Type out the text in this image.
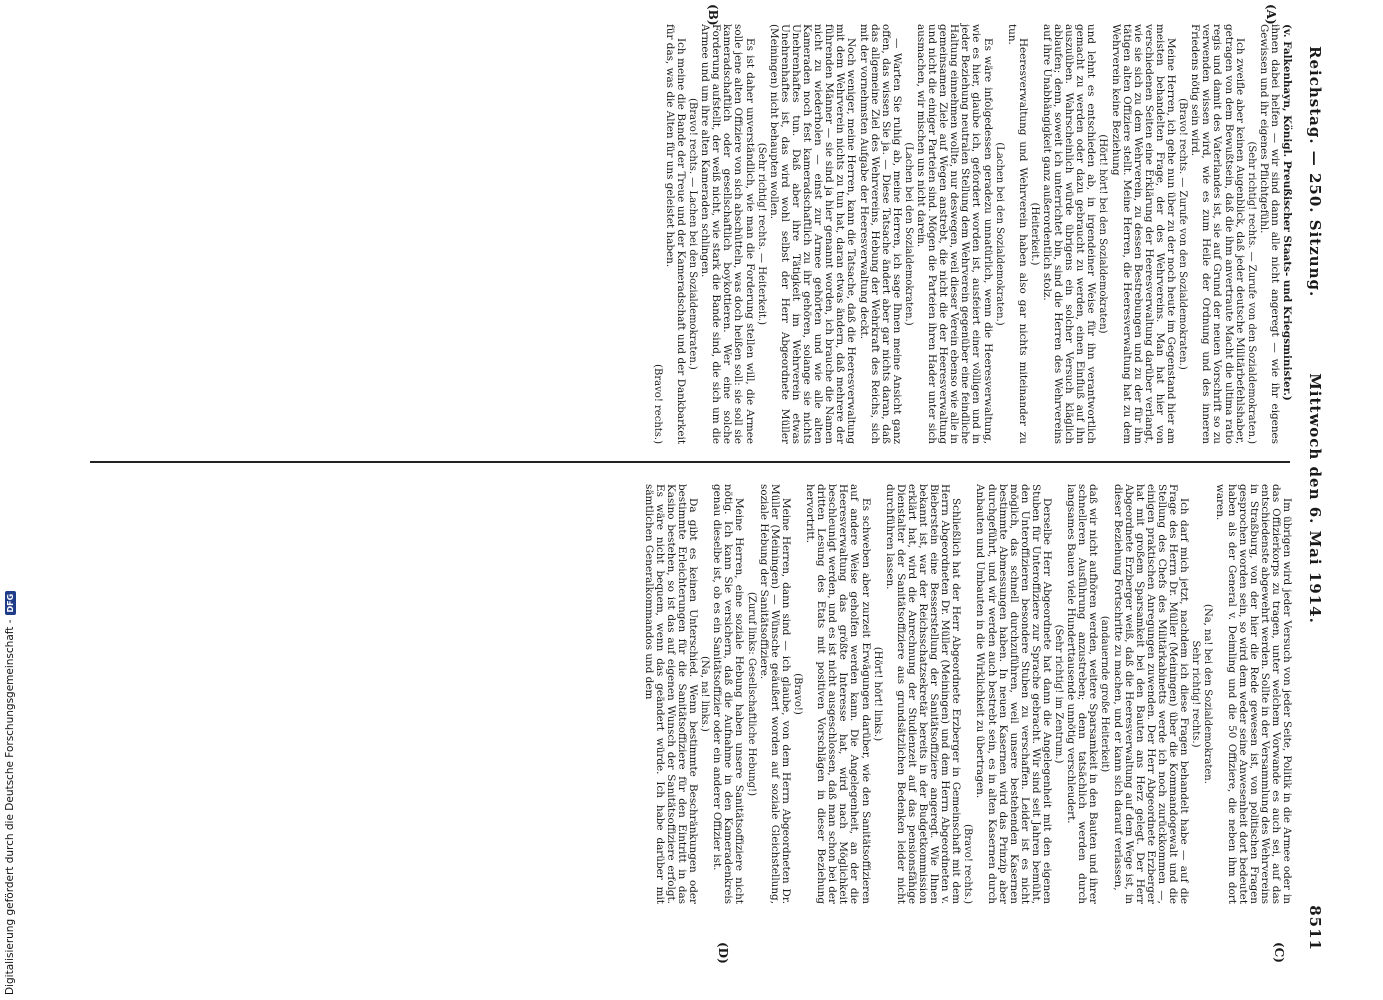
Reichstag. — 250. Sitzung.
Mittwoch den 6. Mai 1914.
8511
(A)
(B)
(C)
(D)

(v. Falkenhayn, Königl. Preußischer Staats- und Kriegsminister.)

ihnen dabei helfen — wir sind dann alle nicht angeregt — wie ihr eigenes Gewissen und ihr eigenes Pflichtgefühl.

(Sehr richtig! rechts. — Zurufe von den Sozialdemokraten.)

Ich zweifle aber keinen Augenblick, daß jeder deutsche Militärbefehlshaber, getragen von dem Bewußtsein, daß die ihm anvertraute Macht die ultima ratio regis und damit des Vaterlandes ist, sie auf Grund der neuen Vorschrift so zu verwenden wissen wird, wie es zum Heile der Ordnung und des inneren Friedens nötig sein wird.

(Bravo! rechts. — Zurufe von den Sozialdemokraten.)

Meine Herren, ich gehe nun über zu der noch heute im Gegenstand hier am meisten behandelten Frage, der des Wehrvereins. Man hat hier von verschiedenen Seiten eine Erklärung der Heeresverwaltung darüber verlangt, wie sie sich zu dem Wehrverein, zu dessen Bestrebungen und zu der für ihn tätigen alten Offiziere stellt. Meine Herren, die Heeresverwaltung hat zu dem Wehrverein keine Beziehung

(Hört! hört! bei den Sozialdemokraten)

und lehnt es entschieden ab, in irgendeiner Weise für ihn verantwortlich gemacht zu werden oder dazu gebraucht zu werden, einen Einfluß auf ihn auszuüben. Wahrscheinlich würde übrigens ein solcher Versuch kläglich ablaufen; denn, soweit ich unterrichtet bin, sind die Herren des Wehrvereins auf ihre Unabhängigkeit ganz außerordentlich stolz.

(Heiterkeit.)

Heeresverwaltung und Wehrverein haben also gar nichts miteinander zu tun.

(Lachen bei den Sozialdemokraten.)

Es wäre infolgedessen geradezu unnatürlich, wenn die Heeresverwaltung, wie es hier, glaube ich, gefordert worden ist, ausfeiert einer völligen und in jeder Beziehung neutralen Stellung dem Wehrverein gegenüber eine feindliche Haltung einnehmen wollte, nur deswegen, weil dieser Verein ebenso wie alle in gemeinsamen Ziele auf Wegen anstrebt, die nicht die der Heeresverwaltung und nicht die einiger Parteien sind. Mögen die Parteien ihren Hader unter sich ausmachen, wir mischen uns nicht darein.

(Lachen bei den Sozialdemokraten.)

— Warten Sie ruhig ab, meine Herren, ich sage Ihnen meine Ansicht ganz offen, das wissen Sie ja. — Diese Tatsache ändert aber gar nichts daran, daß das allgemeine Ziel des Wehrvereins, Hebung der Wehrkraft des Reichs, sich mit der vornehmsten Aufgabe der Heeresverwaltung deckt.

Noch weniger, meine Herren, kann die Tatsache, daß die Heeresverwaltung mit dem Wehrverein nichts zu tun hat, daran etwas ändern, daß mehrere der führenden Männer — sie sind ja hier genannt worden, ich brauche die Namen nicht zu wiederholen — einst zur Armee gehörten und wie alle alten Kameraden noch fest kameradschaftlich zu ihr gehören, solange sie nichts Unehrenhaftes tun. Daß aber ihre Tätigkeit im Wehrverein etwas Unehrenhaftes ist, das wird wohl selbst der Herr Abgeordnete Müller (Meiningen) nicht behaupten wollen.

(Sehr richtig! rechts. — Heiterkeit.)

Es ist daher unverständlich, wie man die Forderung stellen will, die Armee solle jene alten Offiziere von sich abschütteln, was doch heißen soll: sie soll sie kameradschaftlich oder gesellschaftlich boykottieren. Wer eine solche Forderung aufstellt, der weiß nicht, wie stark die Bande sind, die sich um die Armee und um ihre alten Kameraden schlingen.

(Bravo! rechts. — Lachen bei den Sozialdemokraten.)

Ich meine die Bande der Treue und der Kameradschaft und der Dankbarkeit für das, was die Alten für uns geleistet haben.

(Bravo! rechts.)

Im übrigen wird jeder Versuch von jeder Seite, Politik in die Armee oder in das Offizierkorps zu tragen, unter welchem Vorwande es auch sei, auf das entschiedenste abgewehrt werden. Sollte in der Versammlung des Wehrvereins in Straßburg, von der hier die Rede gewesen ist, von politischen Fragen gesprochen worden sein, so wird dem weder seine Anwesenheit dort bedeutet haben als der General v. Deimling und die 50 Offiziere, die neben ihm dort waren.

(Na, na! bei den Sozialdemokraten.

Sehr richtig! rechts.)

Ich darf mich jetzt, nachdem ich diese Fragen behandelt habe — auf die Frage des Herrn Dr. Müller (Meiningen) über die Kommandogewalt und die Stellung des Chefs des Militärkabinetts werde ich noch zurückkommen —, einigen praktischen Anregungen zuwenden. Der Herr Abgeordnete Erzberger hat mit großem Sparsamkeit bei den Bauten ans Herz gelegt. Der Herr Abgeordnete Erzberger weiß, daß die Heeresverwaltung auf dem Wege ist, in dieser Beziehung Fortschritte zu machen, und er kann sich darauf verlassen,

(andauernde große Heiterkeit)

daß wir nicht aufhören werden, weitere Sparsamkeit in den Bauten und ihrer schnelleren Ausführung anzustreben; denn tatsächlich werden durch langsames Bauen viele Hunderttausende unnötig verschleudert.

(Sehr richtig! im Zentrum.)

Derselbe Herr Abgeordnete hat dann die Angelegenheit mit den eigenen Stuben für Unteroffiziere zur Sprache gebracht. Wir sind seit Jahren bemüht, den Unteroffizieren besondere Stuben zu verschaffen. Leider ist es nicht möglich, das schnell durchzuführen, weil unsere bestehenden Kasernen bestimmte Abmessungen haben. In neuen Kasernen wird das Prinzip aber durchgeführt, und wir werden auch bestrebt sein, es in alten Kasernen durch Anbauten und Umbauten in die Wirklichkeit zu übertragen.

(Bravo! rechts.)

Schließlich hat der Herr Abgeordnete Erzberger in Gemeinschaft mit dem Herrn Abgeordneten Dr. Müller (Meiningen) und dem Herrn Abgeordneten v. Bieberstein eine Besserstellung der Sanitätsoffiziere angeregt. Wie Ihnen bekannt ist, war der Reichsschatzsekretär bereits in der Budgetkommission erklärt hat, wird die Anrechnung der Studienzeit auf das pensionsfähige Dienstalter der Sanitätsoffiziere aus grundsätzlichen Bedenken leider nicht durchführen lassen.

(Hört! hört! links.)

Es schweben aber zurzeit Erwägungen darüber, wie den Sanitätsoffizieren auf andere Weise geholfen werden kann. Die Angelegenheit, an der die Heeresverwaltung das größte Interesse hat, wird nach Möglichkeit beschleunigt werden, und es ist nicht ausgeschlossen, daß man schon bei der dritten Lesung des Etats mit positiven Vorschlägen in dieser Beziehung hervortritt.

(Bravo!)

Meine Herren, dann sind — ich glaube, von dem Herrn Abgeordneten Dr. Müller (Meiningen) — Wünsche geäußert worden auf soziale Gleichstellung, soziale Hebung der Sanitätsoffiziere.

(Zuruf links: Gesellschaftliche Hebung!)

Meine Herren, eine soziale Hebung haben unsere Sanitätsoffiziere nicht nötig. Ich kann Sie versichern, daß die Aufnahme in den Kameradenkreis genau dieselbe ist, ob es ein Sanitätsoffizier oder ein anderer Offizier ist.

(Na, na! links.)

Da gibt es keinen Unterschied. Wenn bestimmte Beschränkungen oder bestimmte Erleichterungen für die Sanitätsoffiziere für den Eintritt in das Kasino bestehen, so ist das auf eigenen Wunsch der Sanitätsoffiziere erfolgt. Es wäre nicht bequem, wenn das geändert würde. Ich habe darüber mit sämtlichen Generalkommandos und dem

Digitalisierung gefördert durch die Deutsche Forschungsgemeinschaft -
DFG
